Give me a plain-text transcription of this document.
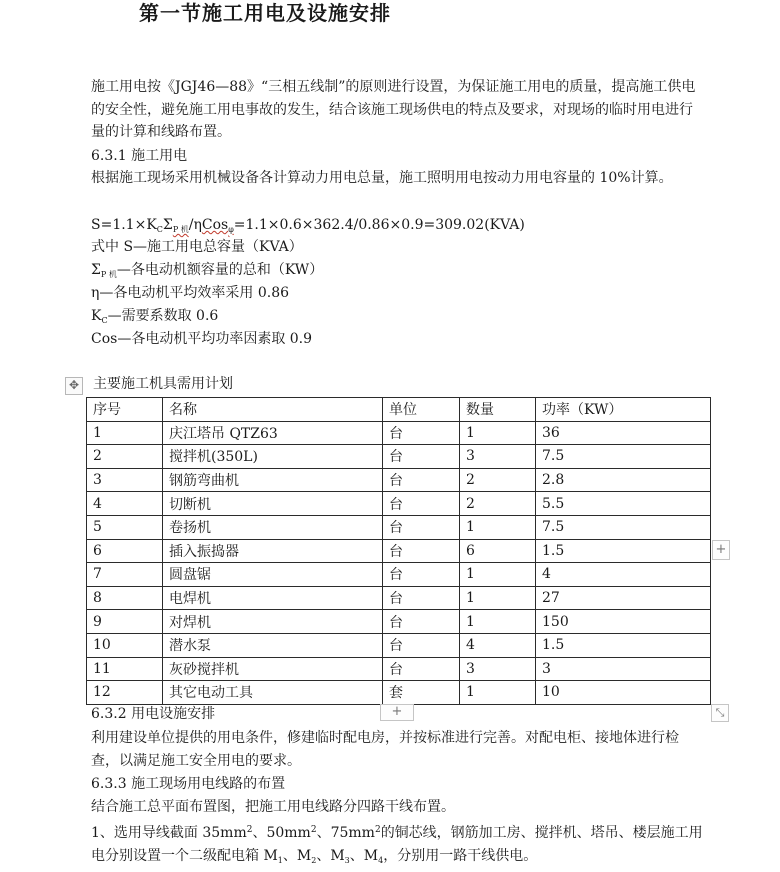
第一节施工用电及设施安排
施工用电按《JGJ46—88》“三相五线制”的原则进行设置，为保证施工用电的质量，提高施工供电的安全性，避免施工用电事故的发生，结合该施工现场供电的特点及要求，对现场的临时用电进行量的计算和线路布置。
6.3.1 施工用电
根据施工现场采用机械设备各计算动力用电总量，施工照明用电按动力用电容量的 10%计算。
$S=1.1\times K_C\Sigma_{P 机}/\eta Cos_\varphi=1.1\times 0.6\times 362.4/0.86\times 0.9=309.02(KVA)$
式中 S—施工用电总容量（KVA）
$\Sigma_{P 机}—$各电动机额容量的总和（KW）
η—各电动机平均效率采用 0.86
$K_C—$需要系数取 0.6
Cos—各电动机平均功率因素取 0.9
✥ 主要施工机具需用计划
序号	名称	单位	数量	功率（KW）
1	庆江塔吊 QTZ63	台	1	36
2	搅拌机(350L)	台	3	7.5
3	钢筋弯曲机	台	2	2.8
4	切断机	台	2	5.5
5	卷扬机	台	1	7.5
6	插入振捣器	台	6	1.5
7	圆盘锯	台	1	4
8	电焊机	台	1	27
9	对焊机	台	1	150
10	潜水泵	台	4	1.5
11	灰砂搅拌机	台	3	3
12	其它电动工具	套	1	10
+
+	⤡
6.3.2 用电设施安排
利用建设单位提供的用电条件，修建临时配电房，并按标准进行完善。对配电柜、接地体进行检查，以满足施工安全用电的要求。
6.3.3 施工现场用电线路的布置
结合施工总平面布置图，把施工用电线路分四路干线布置。
1、选用导线截面 $35mm^2$、$50mm^2$、$75mm^2$的铜芯线，钢筋加工房、搅拌机、塔吊、楼层施工用电分别设置一个二级配电箱 $M_1$、$M_2$、$M_3$、$M_4$，分别用一路干线供电。
